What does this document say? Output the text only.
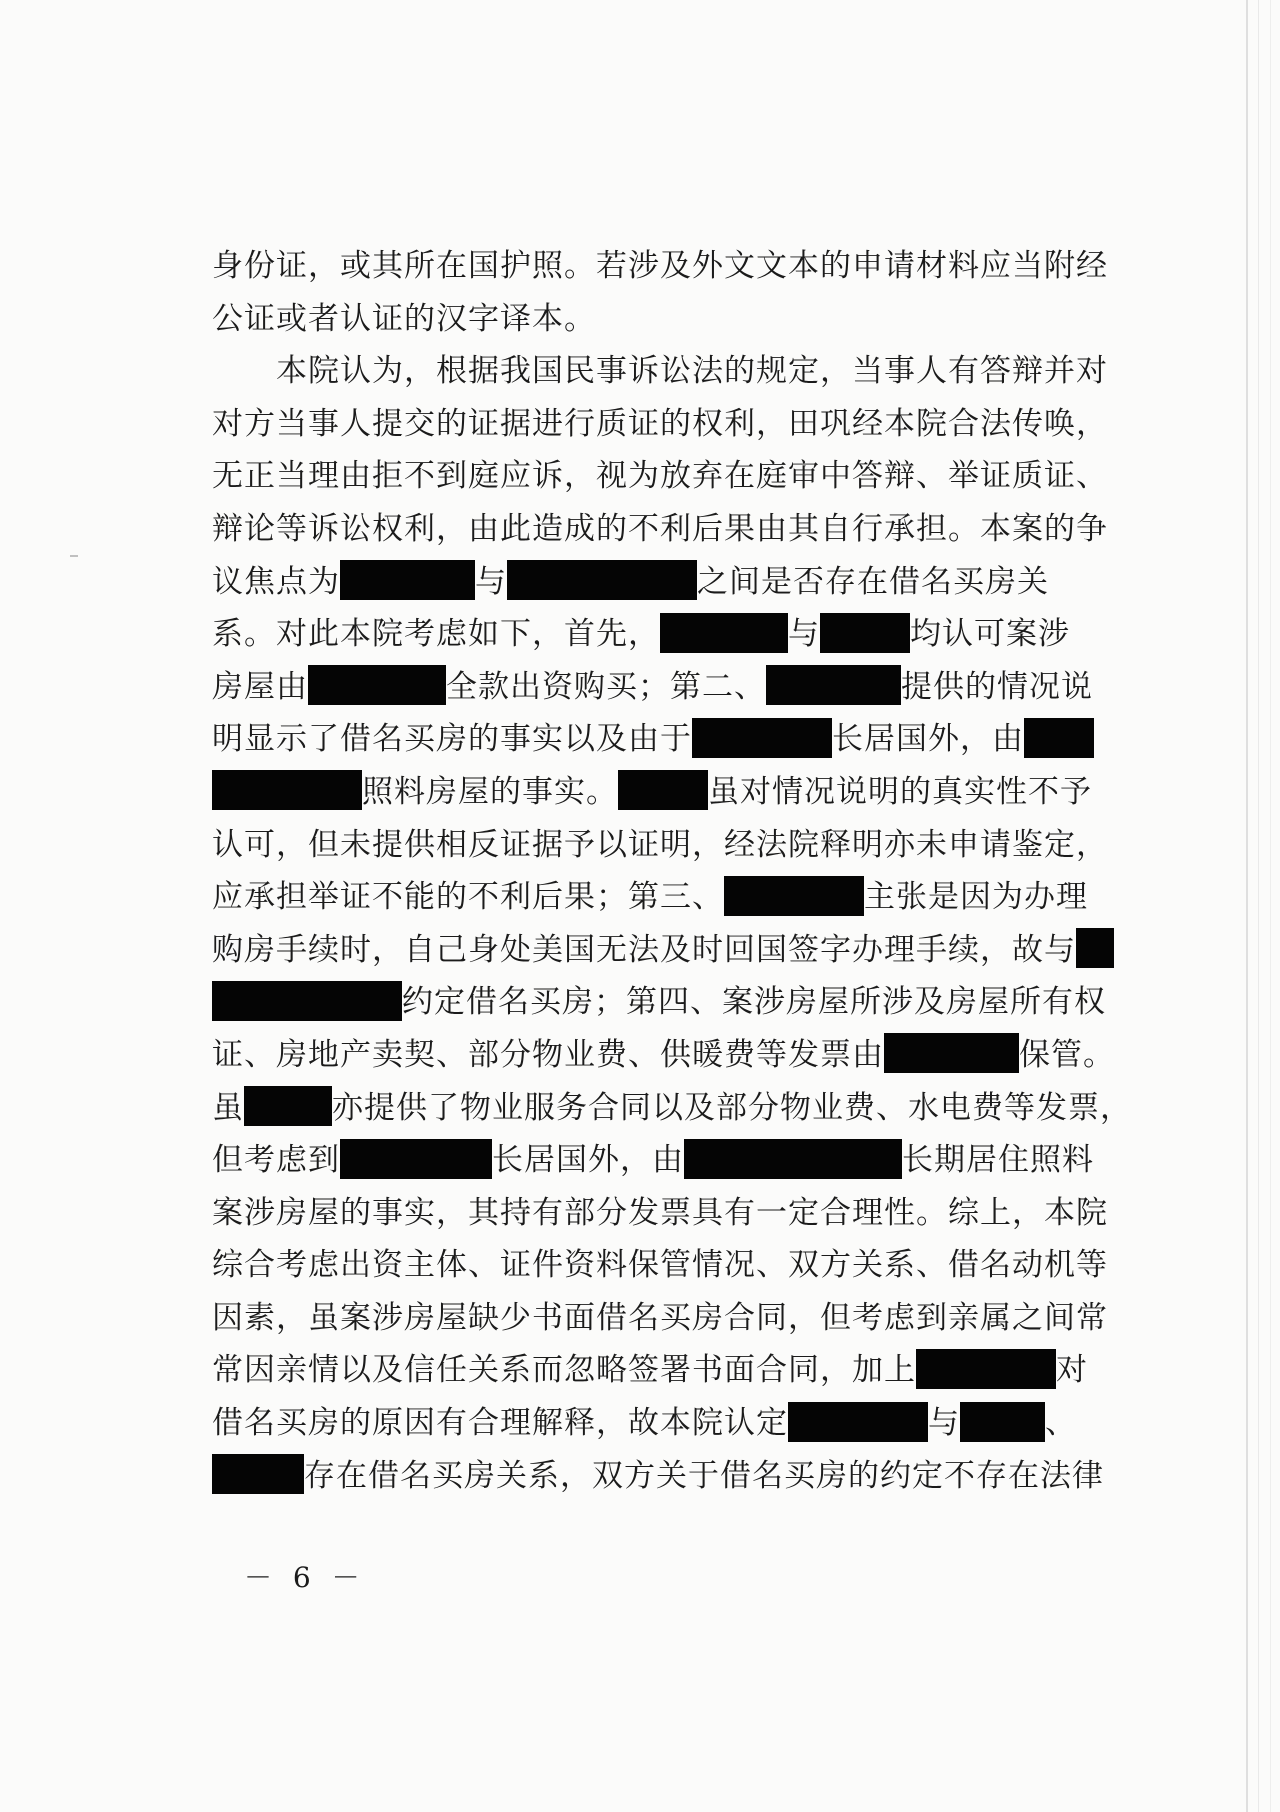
身份证，或其所在国护照。若涉及外文文本的申请材料应当附经
公证或者认证的汉字译本。
本院认为，根据我国民事诉讼法的规定，当事人有答辩并对
对方当事人提交的证据进行质证的权利，田巩经本院合法传唤，
无正当理由拒不到庭应诉，视为放弃在庭审中答辩、举证质证、
辩论等诉讼权利，由此造成的不利后果由其自行承担。本案的争
议焦点为	与	之间是否存在借名买房关
系。对此本院考虑如下，首先，	与	均认可案涉
房屋由	全款出资购买；第二、	提供的情况说
明显示了借名买房的事实以及由于	长居国外，由
照料房屋的事实。	虽对情况说明的真实性不予
认可，但未提供相反证据予以证明，经法院释明亦未申请鉴定，
应承担举证不能的不利后果；第三、	主张是因为办理
购房手续时，自己身处美国无法及时回国签字办理手续，故与
约定借名买房；第四、案涉房屋所涉及房屋所有权
证、房地产卖契、部分物业费、供暖费等发票由	保管。
虽	亦提供了物业服务合同以及部分物业费、水电费等发票，
但考虑到	长居国外，由	长期居住照料
案涉房屋的事实，其持有部分发票具有一定合理性。综上，本院
综合考虑出资主体、证件资料保管情况、双方关系、借名动机等
因素，虽案涉房屋缺少书面借名买房合同，但考虑到亲属之间常
常因亲情以及信任关系而忽略签署书面合同，加上	对
借名买房的原因有合理解释，故本院认定	与	、
存在借名买房关系，双方关于借名买房的约定不存在法律
－ 6 －
